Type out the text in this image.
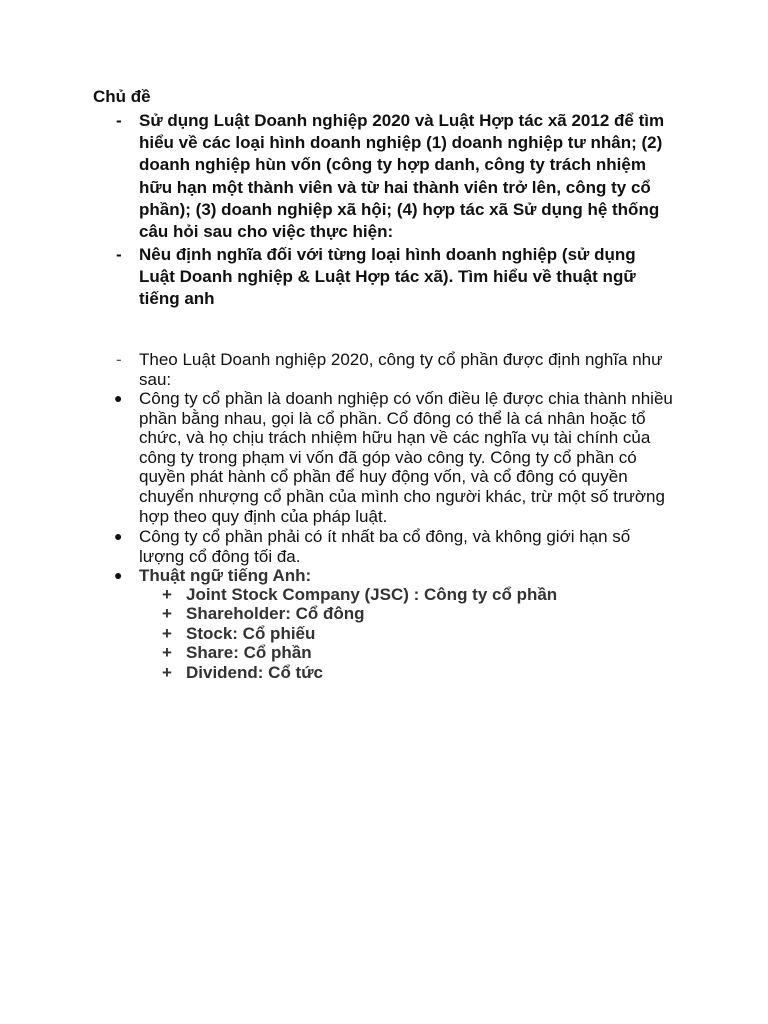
Chủ đề
- Sử dụng Luật Doanh nghiệp 2020 và Luật Hợp tác xã 2012 để tìm hiểu về các loại hình doanh nghiệp (1) doanh nghiệp tư nhân; (2) doanh nghiệp hùn vốn (công ty hợp danh, công ty trách nhiệm hữu hạn một thành viên và từ hai thành viên trở lên, công ty cổ phần); (3) doanh nghiệp xã hội; (4) hợp tác xã Sử dụng hệ thống câu hỏi sau cho việc thực hiện:
- Nêu định nghĩa đối với từng loại hình doanh nghiệp (sử dụng Luật Doanh nghiệp & Luật Hợp tác xã). Tìm hiểu về thuật ngữ tiếng anh
- Theo Luật Doanh nghiệp 2020, công ty cổ phần được định nghĩa như sau:
● Công ty cổ phần là doanh nghiệp có vốn điều lệ được chia thành nhiều phần bằng nhau, gọi là cổ phần. Cổ đông có thể là cá nhân hoặc tổ chức, và họ chịu trách nhiệm hữu hạn về các nghĩa vụ tài chính của công ty trong phạm vi vốn đã góp vào công ty. Công ty cổ phần có quyền phát hành cổ phần để huy động vốn, và cổ đông có quyền chuyển nhượng cổ phần của mình cho người khác, trừ một số trường hợp theo quy định của pháp luật.
● Công ty cổ phần phải có ít nhất ba cổ đông, và không giới hạn số lượng cổ đông tối đa.
● Thuật ngữ tiếng Anh:
+ Joint Stock Company (JSC) : Công ty cổ phần
+ Shareholder: Cổ đông
+ Stock: Cổ phiếu
+ Share: Cổ phần
+ Dividend: Cổ tức
